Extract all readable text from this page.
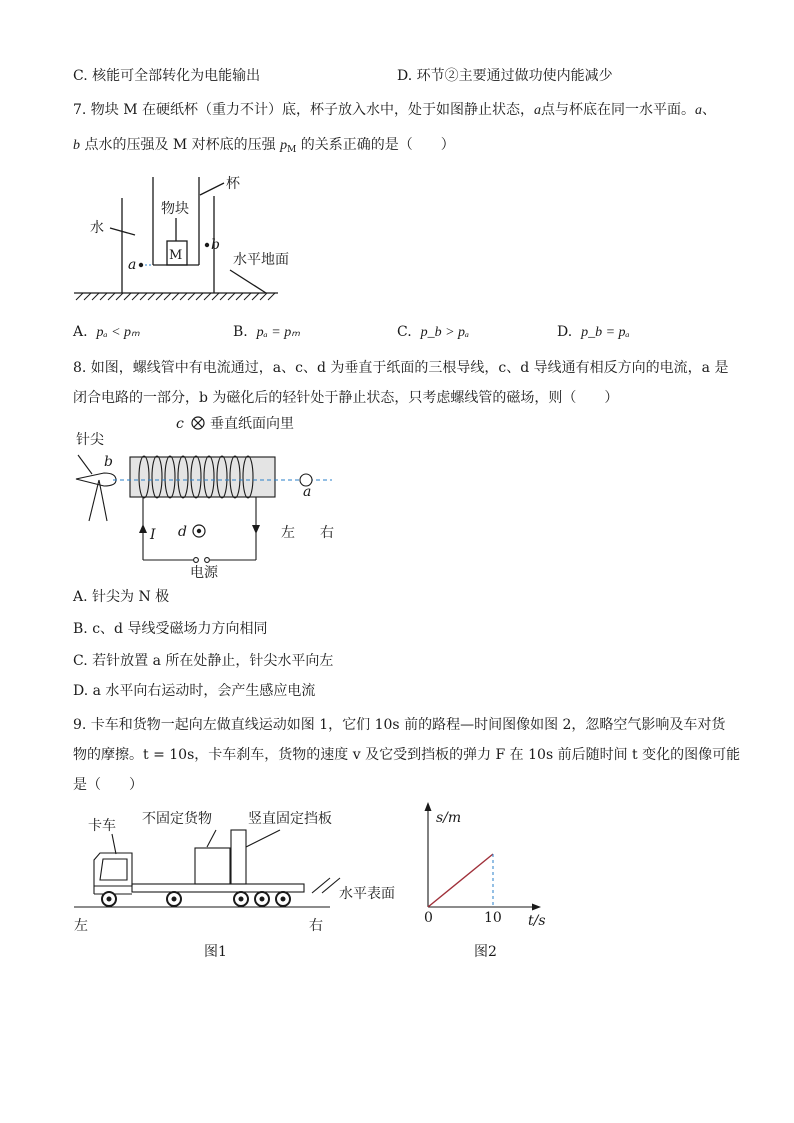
C. 核能可全部转化为电能输出	D. 环节②主要通过做功使内能减少
7. 物块 M 在硬纸杯（重力不计）底，杯子放入水中，处于如图静止状态，a点与杯底在同一水平面。a、
b 点水的压强及 M 对杯底的压强 $p_M$ 的关系正确的是（　　）
水
杯
物块
M
a
b
水平地面
A. pₐ < pₘ	B. pₐ = pₘ	C. p_b > pₐ	D. p_b = pₐ
8. 如图，螺线管中有电流通过，a、c、d 为垂直于纸面的三根导线，c、d 导线通有相反方向的电流，a 是
闭合电路的一部分，b 为磁化后的轻针处于静止状态，只考虑螺线管的磁场，则（　　）
c 垂直纸面向里
针尖
b
a
I d	左 右
电源
A. 针尖为 N 极
B. c、d 导线受磁场力方向相同
C. 若针放置 a 所在处静止，针尖水平向左
D. a 水平向右运动时，会产生感应电流
9. 卡车和货物一起向左做直线运动如图 1，它们 10s 前的路程—时间图像如图 2，忽略空气影响及车对货
物的摩擦。t = 10s，卡车刹车，货物的速度 v 及它受到挡板的弹力 F 在 10s 前后随时间 t 变化的图像可能
是（　　）
卡车 不固定货物	竖直固定挡板
水平表面
左	右
图1
s/m
0	10 t/s
图2
